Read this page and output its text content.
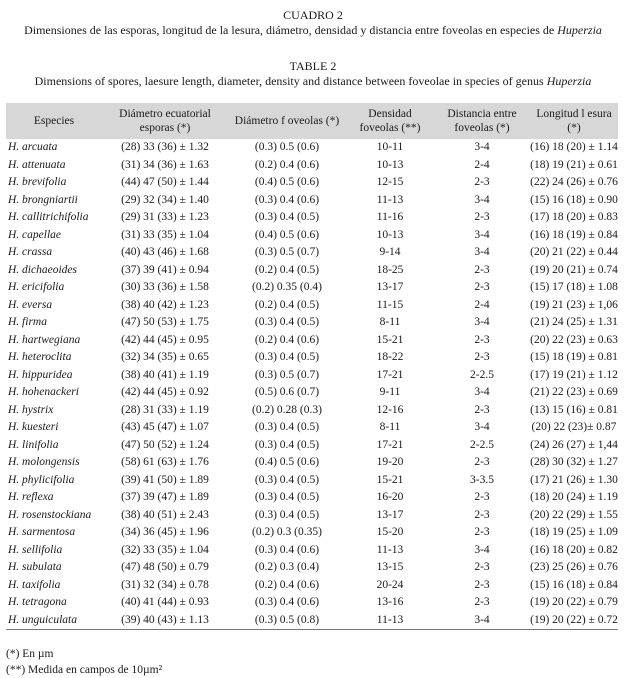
CUADRO 2
Dimensiones de las esporas, longitud de la lesura, diámetro, densidad y distancia entre foveolas en especies de Huperzia
TABLE 2
Dimensions of spores, laesure length, diameter, density and distance between foveolae in species of genus Huperzia
Especies	Diámetro ecuatorial esporas (*)	Diámetro f oveolas (*)	Densidad foveolas (**)	Distancia entre foveolas (*)	Longitud l esura (*)
H. arcuata	(28) 33 (36) ± 1.32	(0.3) 0.5 (0.6)	10-11	3-4	(16) 18 (20) ± 1.14
H. attenuata	(31) 34 (36) ± 1.63	(0.2) 0.4 (0.6)	10-13	2-4	(18) 19 (21) ± 0.61
H. brevifolia	(44) 47 (50) ± 1.44	(0.4) 0.5 (0.6)	12-15	2-3	(22) 24 (26) ± 0.76
H. brongniartii	(29) 32 (34) ± 1.40	(0.3) 0.4 (0.6)	11-13	3-4	(15) 16 (18) ± 0.90
H. callitrichifolia	(29) 31 (33) ± 1.23	(0.3) 0.4 (0.5)	11-16	2-3	(17) 18 (20) ± 0.83
H. capellae	(31) 33 (35) ± 1.04	(0.4) 0.5 (0.6)	10-13	3-4	(16) 18 (19) ± 0.84
H. crassa	(40) 43 (46) ± 1.68	(0.3) 0.5 (0.7)	9-14	3-4	(20) 21 (22) ± 0.44
H. dichaeoides	(37) 39 (41) ± 0.94	(0.2) 0.4 (0.5)	18-25	2-3	(19) 20 (21) ± 0.74
H. ericifolia	(30) 33 (36) ± 1.58	(0.2) 0.35 (0.4)	13-17	2-3	(15) 17 (18) ± 1.08
H. eversa	(38) 40 (42) ± 1.23	(0.2) 0.4 (0.5)	11-15	2-4	(19) 21 (23) ± 1,06
H. firma	(47) 50 (53) ± 1.75	(0.3) 0.4 (0.5)	8-11	3-4	(21) 24 (25) ± 1.31
H. hartwegiana	(42) 44 (45) ± 0.95	(0.2) 0.4 (0.6)	15-21	2-3	(20) 22 (23) ± 0.63
H. heteroclita	(32) 34 (35) ± 0.65	(0.3) 0.4 (0.5)	18-22	2-3	(15) 18 (19) ± 0.81
H. hippuridea	(38) 40 (41) ± 1.19	(0.3) 0.5 (0.7)	17-21	2-2.5	(17) 19 (21) ± 1.12
H. hohenackeri	(42) 44 (45) ± 0.92	(0.5) 0.6 (0.7)	9-11	3-4	(21) 22 (23) ± 0.69
H. hystrix	(28) 31 (33) ± 1.19	(0.2) 0.28 (0.3)	12-16	2-3	(13) 15 (16) ± 0.81
H. kuesteri	(43) 45 (47) ± 1.07	(0.3) 0.4 (0.5)	8-11	3-4	(20) 22 (23)± 0.87
H. linifolia	(47) 50 (52) ± 1.24	(0.3) 0.4 (0.5)	17-21	2-2.5	(24) 26 (27) ± 1,44
H. molongensis	(58) 61 (63) ± 1.76	(0.4) 0.5 (0.6)	19-20	2-3	(28) 30 (32) ± 1.27
H. phylicifolia	(39) 41 (50) ± 1.89	(0.3) 0.4 (0.5)	15-21	3-3.5	(17) 21 (26) ± 1.30
H. reflexa	(37) 39 (47) ± 1.89	(0.3) 0.4 (0.5)	16-20	2-3	(18) 20 (24) ± 1.19
H. rosenstockiana	(38) 40 (51) ± 2.43	(0.3) 0.4 (0.5)	13-17	2-3	(20) 22 (29) ± 1.55
H. sarmentosa	(34) 36 (45) ± 1.96	(0.2) 0.3 (0.35)	15-20	2-3	(18) 19 (25) ± 1.09
H. sellifolia	(32) 33 (35) ± 1.04	(0.3) 0.4 (0.6)	11-13	3-4	(16) 18 (20) ± 0.82
H. subulata	(47) 48 (50) ± 0.79	(0.2) 0.3 (0.4)	13-15	2-3	(23) 25 (26) ± 0.76
H. taxifolia	(31) 32 (34) ± 0.78	(0.2) 0.4 (0.6)	20-24	2-3	(15) 16 (18) ± 0.84
H. tetragona	(40) 41 (44) ± 0.93	(0.3) 0.4 (0.6)	13-16	2-3	(19) 20 (22) ± 0.79
H. unguiculata	(39) 40 (43) ± 1.13	(0.3) 0.5 (0.8)	11-13	3-4	(19) 20 (22) ± 0.72
(*) En µm
(**) Medida en campos de 10µm²
